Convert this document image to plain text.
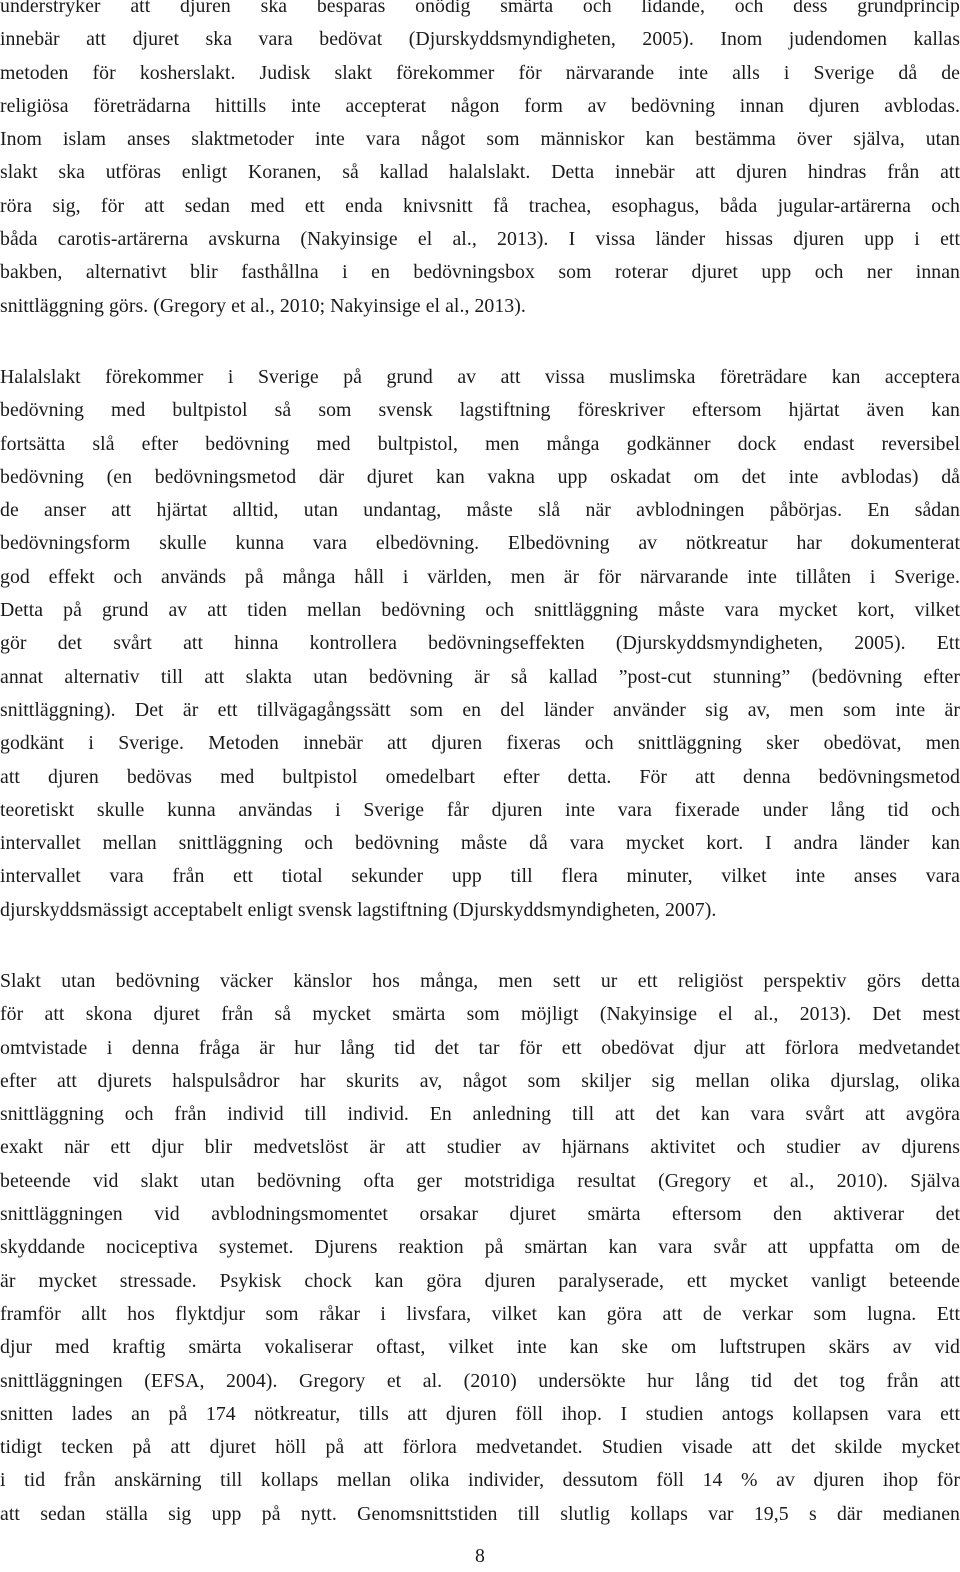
understryker att djuren ska besparas onödig smärta och lidande, och dess grundprincip
innebär att djuret ska vara bedövat (Djurskyddsmyndigheten, 2005). Inom judendomen kallas
metoden för kosherslakt. Judisk slakt förekommer för närvarande inte alls i Sverige då de
religiösa företrädarna hittills inte accepterat någon form av bedövning innan djuren avblodas.
Inom islam anses slaktmetoder inte vara något som människor kan bestämma över själva, utan
slakt ska utföras enligt Koranen, så kallad halalslakt. Detta innebär att djuren hindras från att
röra sig, för att sedan med ett enda knivsnitt få trachea, esophagus, båda jugular-artärerna och
båda carotis-artärerna avskurna (Nakyinsige el al., 2013). I vissa länder hissas djuren upp i ett
bakben, alternativt blir fasthållna i en bedövningsbox som roterar djuret upp och ner innan
snittläggning görs. (Gregory et al., 2010; Nakyinsige el al., 2013).
Halalslakt förekommer i Sverige på grund av att vissa muslimska företrädare kan acceptera
bedövning med bultpistol så som svensk lagstiftning föreskriver eftersom hjärtat även kan
fortsätta slå efter bedövning med bultpistol, men många godkänner dock endast reversibel
bedövning (en bedövningsmetod där djuret kan vakna upp oskadat om det inte avblodas) då
de anser att hjärtat alltid, utan undantag, måste slå när avblodningen påbörjas. En sådan
bedövningsform skulle kunna vara elbedövning. Elbedövning av nötkreatur har dokumenterat
god effekt och används på många håll i världen, men är för närvarande inte tillåten i Sverige.
Detta på grund av att tiden mellan bedövning och snittläggning måste vara mycket kort, vilket
gör det svårt att hinna kontrollera bedövningseffekten (Djurskyddsmyndigheten, 2005). Ett
annat alternativ till att slakta utan bedövning är så kallad ”post-cut stunning” (bedövning efter
snittläggning). Det är ett tillvägagångssätt som en del länder använder sig av, men som inte är
godkänt i Sverige. Metoden innebär att djuren fixeras och snittläggning sker obedövat, men
att djuren bedövas med bultpistol omedelbart efter detta. För att denna bedövningsmetod
teoretiskt skulle kunna användas i Sverige får djuren inte vara fixerade under lång tid och
intervallet mellan snittläggning och bedövning måste då vara mycket kort. I andra länder kan
intervallet vara från ett tiotal sekunder upp till flera minuter, vilket inte anses vara
djurskyddsmässigt acceptabelt enligt svensk lagstiftning (Djurskyddsmyndigheten, 2007).
Slakt utan bedövning väcker känslor hos många, men sett ur ett religiöst perspektiv görs detta
för att skona djuret från så mycket smärta som möjligt (Nakyinsige el al., 2013). Det mest
omtvistade i denna fråga är hur lång tid det tar för ett obedövat djur att förlora medvetandet
efter att djurets halspulsådror har skurits av, något som skiljer sig mellan olika djurslag, olika
snittläggning och från individ till individ. En anledning till att det kan vara svårt att avgöra
exakt när ett djur blir medvetslöst är att studier av hjärnans aktivitet och studier av djurens
beteende vid slakt utan bedövning ofta ger motstridiga resultat (Gregory et al., 2010). Själva
snittläggningen vid avblodningsmomentet orsakar djuret smärta eftersom den aktiverar det
skyddande nociceptiva systemet. Djurens reaktion på smärtan kan vara svår att uppfatta om de
är mycket stressade. Psykisk chock kan göra djuren paralyserade, ett mycket vanligt beteende
framför allt hos flyktdjur som råkar i livsfara, vilket kan göra att de verkar som lugna. Ett
djur med kraftig smärta vokaliserar oftast, vilket inte kan ske om luftstrupen skärs av vid
snittläggningen (EFSA, 2004). Gregory et al. (2010) undersökte hur lång tid det tog från att
snitten lades an på 174 nötkreatur, tills att djuren föll ihop. I studien antogs kollapsen vara ett
tidigt tecken på att djuret höll på att förlora medvetandet. Studien visade att det skilde mycket
i tid från anskärning till kollaps mellan olika individer, dessutom föll 14 % av djuren ihop för
att sedan ställa sig upp på nytt. Genomsnittstiden till slutlig kollaps var 19,5 s där medianen
8
